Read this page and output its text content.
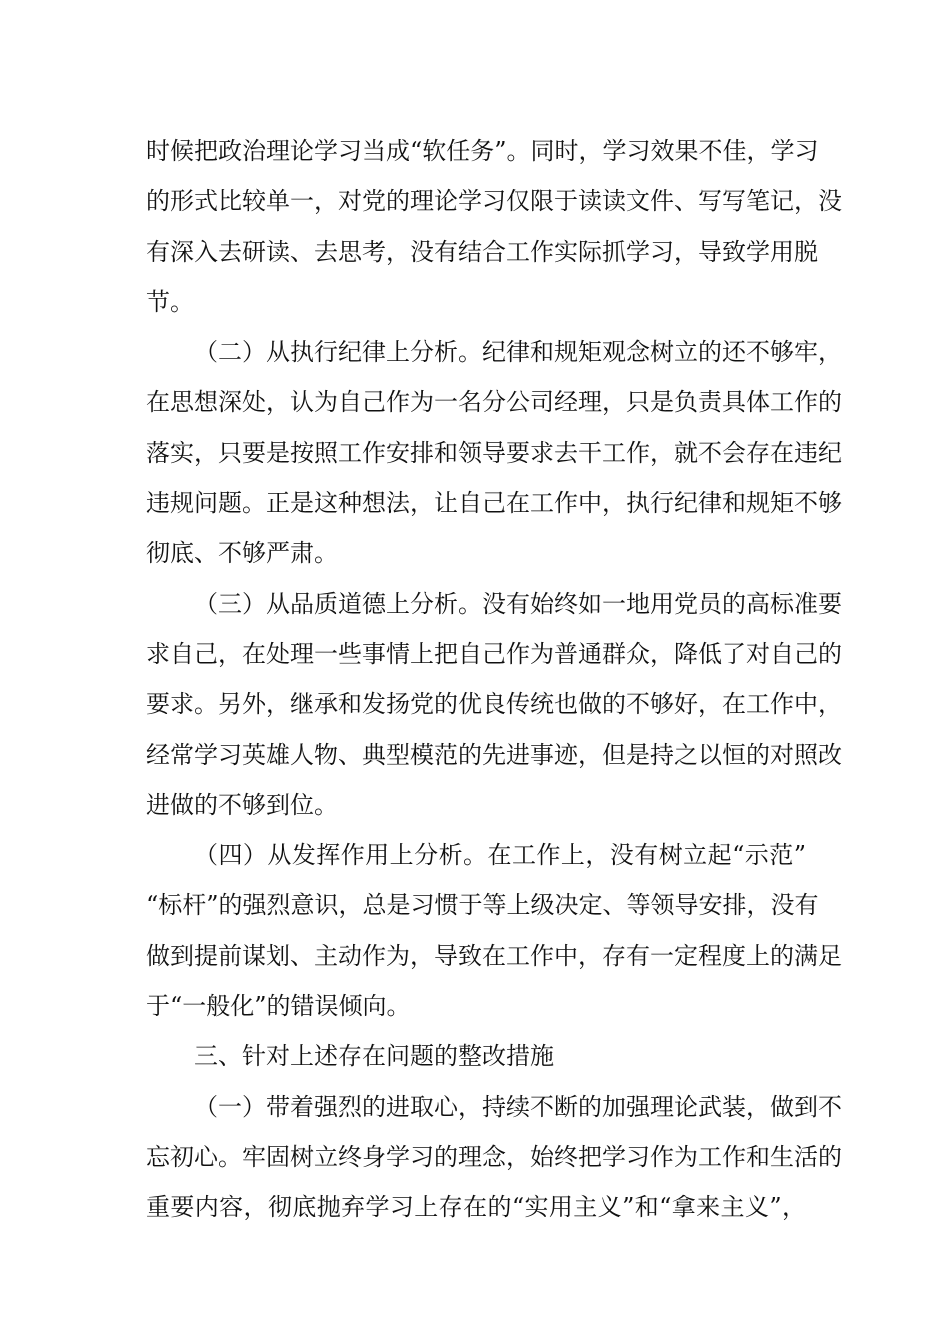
时候把政治理论学习当成“软任务”。同时，学习效果不佳，学习
的形式比较单一，对党的理论学习仅限于读读文件、写写笔记，没
有深入去研读、去思考，没有结合工作实际抓学习，导致学用脱
节。
（二）从执行纪律上分析。纪律和规矩观念树立的还不够牢，
在思想深处，认为自己作为一名分公司经理，只是负责具体工作的
落实，只要是按照工作安排和领导要求去干工作，就不会存在违纪
违规问题。正是这种想法，让自己在工作中，执行纪律和规矩不够
彻底、不够严肃。
（三）从品质道德上分析。没有始终如一地用党员的高标准要
求自己，在处理一些事情上把自己作为普通群众，降低了对自己的
要求。另外，继承和发扬党的优良传统也做的不够好，在工作中，
经常学习英雄人物、典型模范的先进事迹，但是持之以恒的对照改
进做的不够到位。
（四）从发挥作用上分析。在工作上，没有树立起“示范”
“标杆”的强烈意识，总是习惯于等上级决定、等领导安排，没有
做到提前谋划、主动作为，导致在工作中，存有一定程度上的满足
于“一般化”的错误倾向。
三、针对上述存在问题的整改措施
（一）带着强烈的进取心，持续不断的加强理论武装，做到不
忘初心。牢固树立终身学习的理念，始终把学习作为工作和生活的
重要内容，彻底抛弃学习上存在的“实用主义”和“拿来主义”，
